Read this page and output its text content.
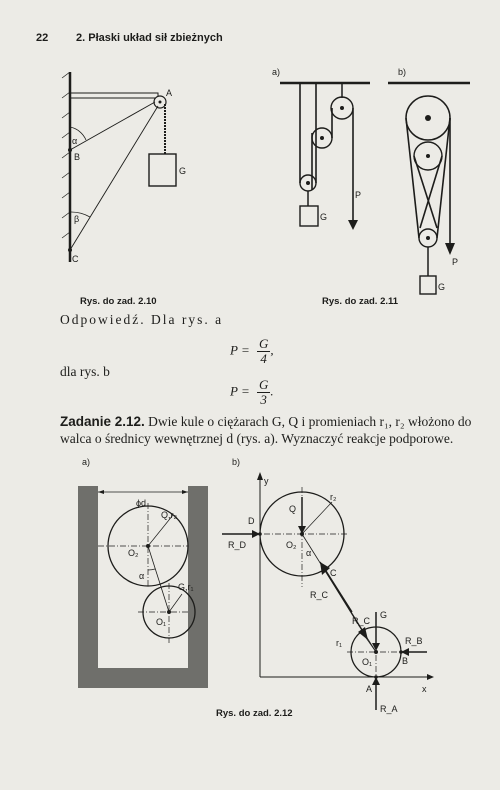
22	2. Płaski układ sił zbieżnych
A
α
B
β
C
G
Rys. do zad. 2.10
a)	b)
P
G
P
G
Rys. do zad. 2.11
Odpowiedź. Dla rys. a
$P = \frac{G}{4}$ ,
dla rys. b
$P = \frac{G}{3}$ .
Zadanie 2.12. Dwie kule o ciężarach G, Q i promieniach r₁, r₂ włożono do
walca o średnicy wewnętrznej d (rys. a). Wyznaczyć reakcje podporowe.
a)
ϕd
Q,r₂
O₂
α
G,r₁
O₁
b)
y
r₂
Q
D
R_D	O₂
α
C
R_C
R_C
r₁
G
R_B
O₁	B
A	x
R_A
Rys. do zad. 2.12
